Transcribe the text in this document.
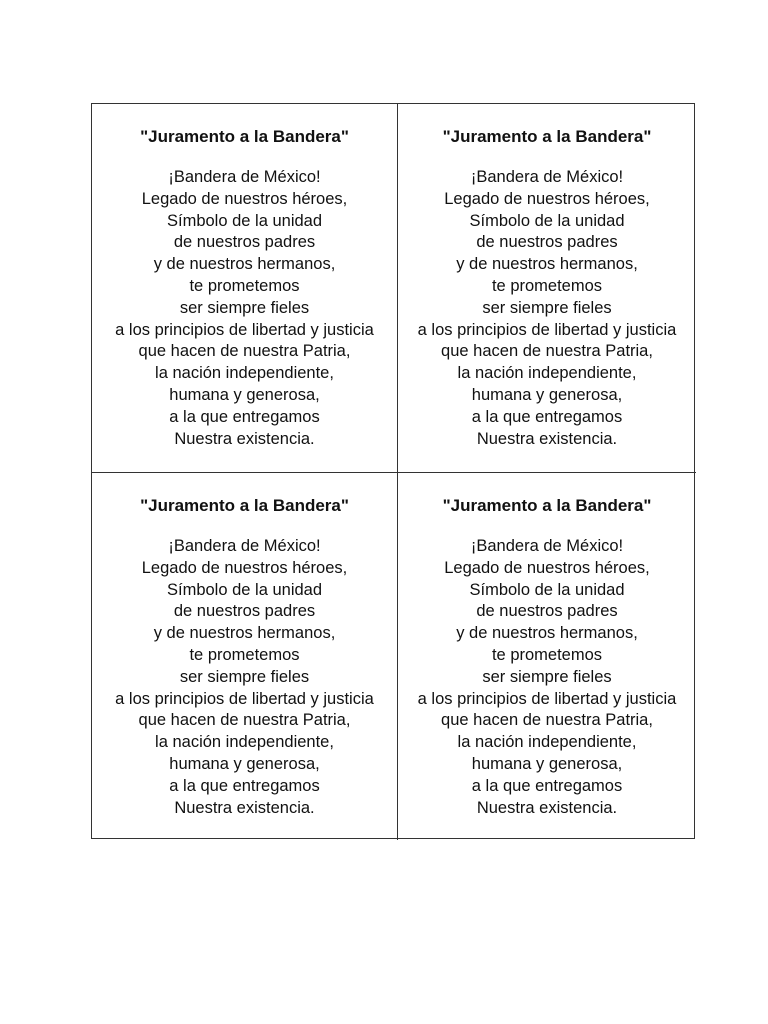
"Juramento a la Bandera"
¡Bandera de México!
Legado de nuestros héroes,
Símbolo de la unidad
de nuestros padres
y de nuestros hermanos,
te prometemos
ser siempre fieles
a los principios de libertad y justicia
que hacen de nuestra Patria,
la nación independiente,
humana y generosa,
a la que entregamos
Nuestra existencia.
"Juramento a la Bandera"
¡Bandera de México!
Legado de nuestros héroes,
Símbolo de la unidad
de nuestros padres
y de nuestros hermanos,
te prometemos
ser siempre fieles
a los principios de libertad y justicia
que hacen de nuestra Patria,
la nación independiente,
humana y generosa,
a la que entregamos
Nuestra existencia.
"Juramento a la Bandera"
¡Bandera de México!
Legado de nuestros héroes,
Símbolo de la unidad
de nuestros padres
y de nuestros hermanos,
te prometemos
ser siempre fieles
a los principios de libertad y justicia
que hacen de nuestra Patria,
la nación independiente,
humana y generosa,
a la que entregamos
Nuestra existencia.
"Juramento a la Bandera"
¡Bandera de México!
Legado de nuestros héroes,
Símbolo de la unidad
de nuestros padres
y de nuestros hermanos,
te prometemos
ser siempre fieles
a los principios de libertad y justicia
que hacen de nuestra Patria,
la nación independiente,
humana y generosa,
a la que entregamos
Nuestra existencia.
